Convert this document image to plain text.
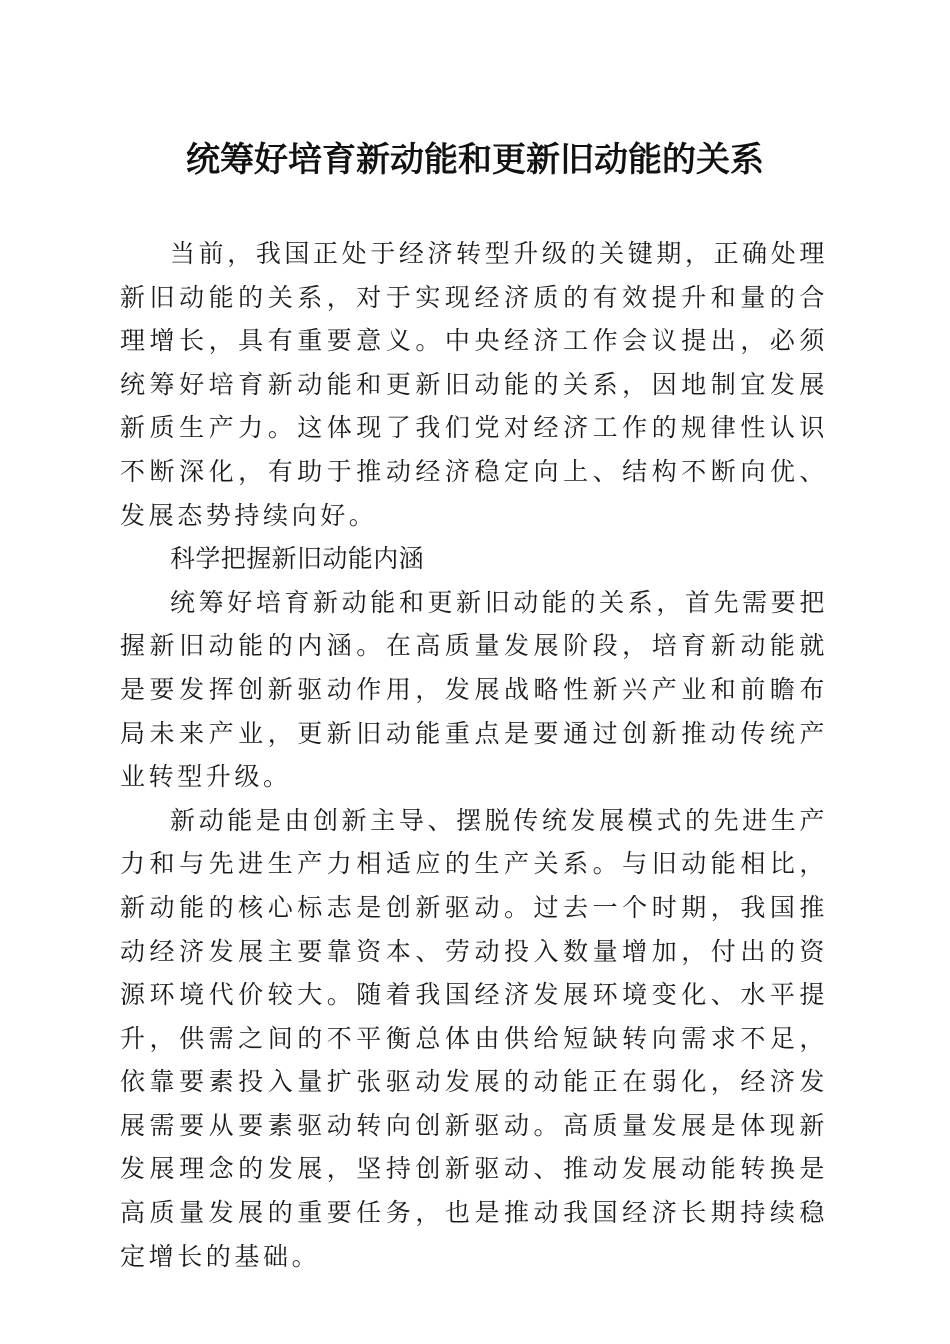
统筹好培育新动能和更新旧动能的关系

当前，我国正处于经济转型升级的关键期，正确处理新旧动能的关系，对于实现经济质的有效提升和量的合理增长，具有重要意义。中央经济工作会议提出，必须统筹好培育新动能和更新旧动能的关系，因地制宜发展新质生产力。这体现了我们党对经济工作的规律性认识不断深化，有助于推动经济稳定向上、结构不断向优、发展态势持续向好。

科学把握新旧动能内涵

统筹好培育新动能和更新旧动能的关系，首先需要把握新旧动能的内涵。在高质量发展阶段，培育新动能就是要发挥创新驱动作用，发展战略性新兴产业和前瞻布局未来产业，更新旧动能重点是要通过创新推动传统产业转型升级。

新动能是由创新主导、摆脱传统发展模式的先进生产力和与先进生产力相适应的生产关系。与旧动能相比，新动能的核心标志是创新驱动。过去一个时期，我国推动经济发展主要靠资本、劳动投入数量增加，付出的资源环境代价较大。随着我国经济发展环境变化、水平提升，供需之间的不平衡总体由供给短缺转向需求不足，依靠要素投入量扩张驱动发展的动能正在弱化，经济发展需要从要素驱动转向创新驱动。高质量发展是体现新发展理念的发展，坚持创新驱动、推动发展动能转换是高质量发展的重要任务，也是推动我国经济长期持续稳定增长的基础。
